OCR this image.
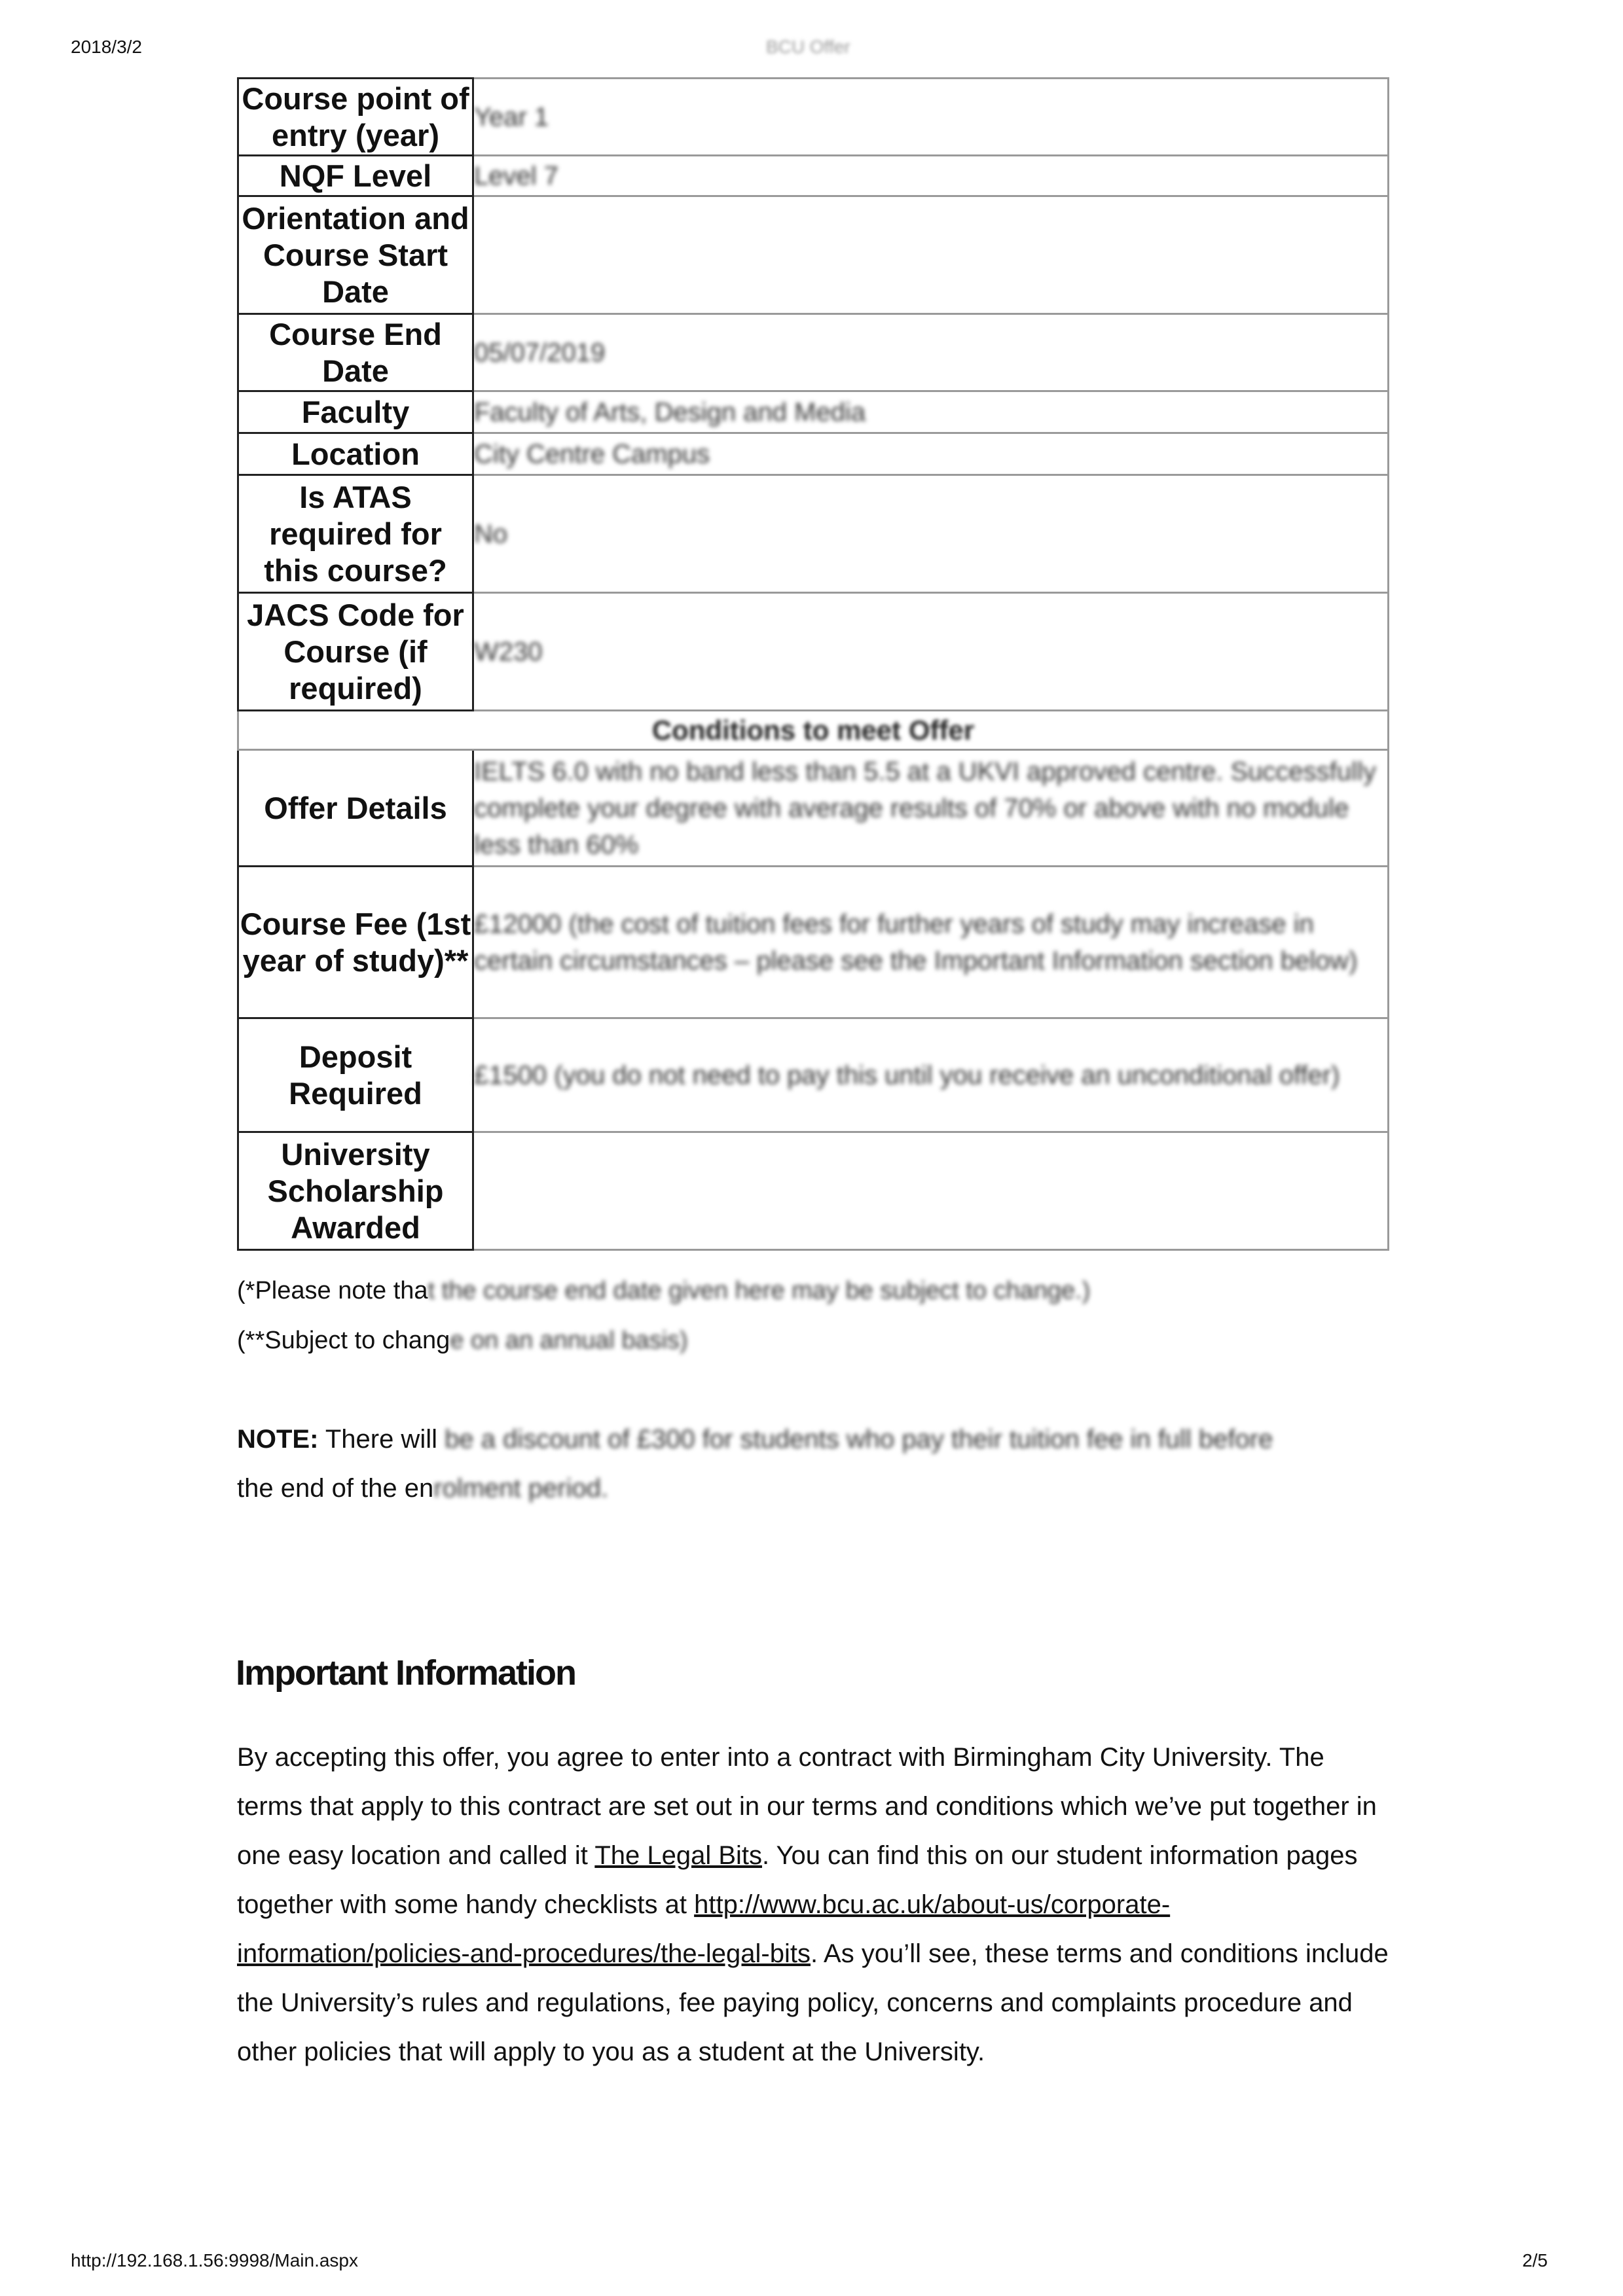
2018/3/2	BCU Offer
Course point of entry (year)	Year 1
NQF Level	Level 7
Orientation and Course Start Date	
Course End Date	05/07/2019
Faculty	Faculty of Arts, Design and Media
Location	City Centre Campus
Is ATAS required for this course?	No
JACS Code for Course (if required)	W230
Conditions to meet Offer	
Offer Details	IELTS 6.0 with no band less than 5.5 at a UKVI approved centre. Successfully complete your degree with average results of 70% or above with no module less than 60%
Course Fee (1st year of study)**	£12000 (the cost of tuition fees for further years of study may increase in certain circumstances – please see the Important Information section below)
Deposit Required	£1500 (you do not need to pay this until you receive an unconditional offer)
University Scholarship Awarded	
(*Please note that the course end date given here may be subject to change.)
(**Subject to change on an annual basis)
NOTE: There will be a discount of £300 for students who pay their tuition fee in full before
the end of the enrolment period.
Important Information
By accepting this offer, you agree to enter into a contract with Birmingham City University. The terms that apply to this contract are set out in our terms and conditions which we’ve put together in one easy location and called it The Legal Bits. You can find this on our student information pages together with some handy checklists at http://www.bcu.ac.uk/about-us/corporate-information/policies-and-procedures/the-legal-bits. As you’ll see, these terms and conditions include the University’s rules and regulations, fee paying policy, concerns and complaints procedure and other policies that will apply to you as a student at the University.
http://192.168.1.56:9998/Main.aspx	2/5
